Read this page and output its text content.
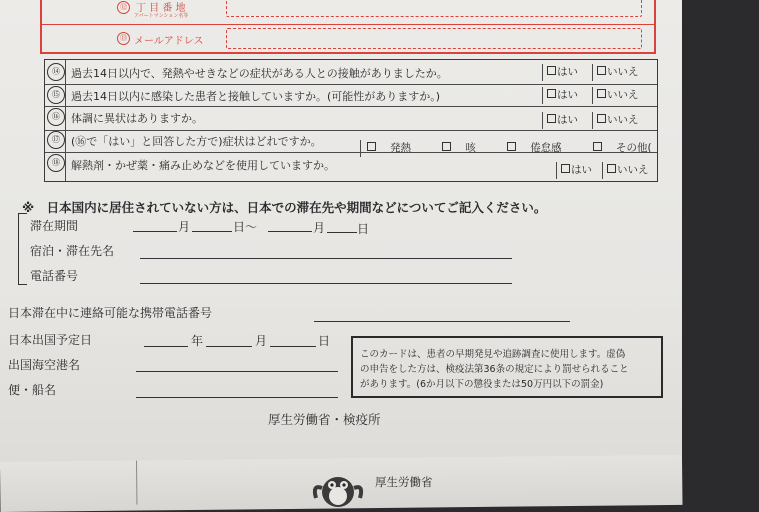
⑫ 丁 目 番 地
アパートマンション名等
⑬ メールアドレス
⑭	過去14日以内で、発熱やせきなどの症状がある人との接触がありましたか。	はい	いいえ
⑮	過去14日以内に感染した患者と接触していますか。(可能性がありますか。)	はい	いいえ
⑯	体調に異状はありますか。	はい	いいえ
⑰	(⑯で「はい」と回答した方で)症状はどれですか。	発熱	咳	倦怠感	その他(	)
⑱	解熱剤・かぜ薬・痛み止めなどを使用していますか。	はい	いいえ
※　日本国内に居住されていない方は、日本での滞在先や期間などについてご記入ください。
滞在期間	月	日〜	月	日
宿泊・滞在先名
電話番号
日本滞在中に連絡可能な携帯電話番号
日本出国予定日	年	月	日
出国海空港名
便・船名
このカードは、患者の早期発見や追跡調査に使用します。虚偽
の申告をした方は、検疫法第36条の規定により罰せられること
があります。(6か月以下の懲役または50万円以下の罰金)
厚生労働省・検疫所
厚生労働省
